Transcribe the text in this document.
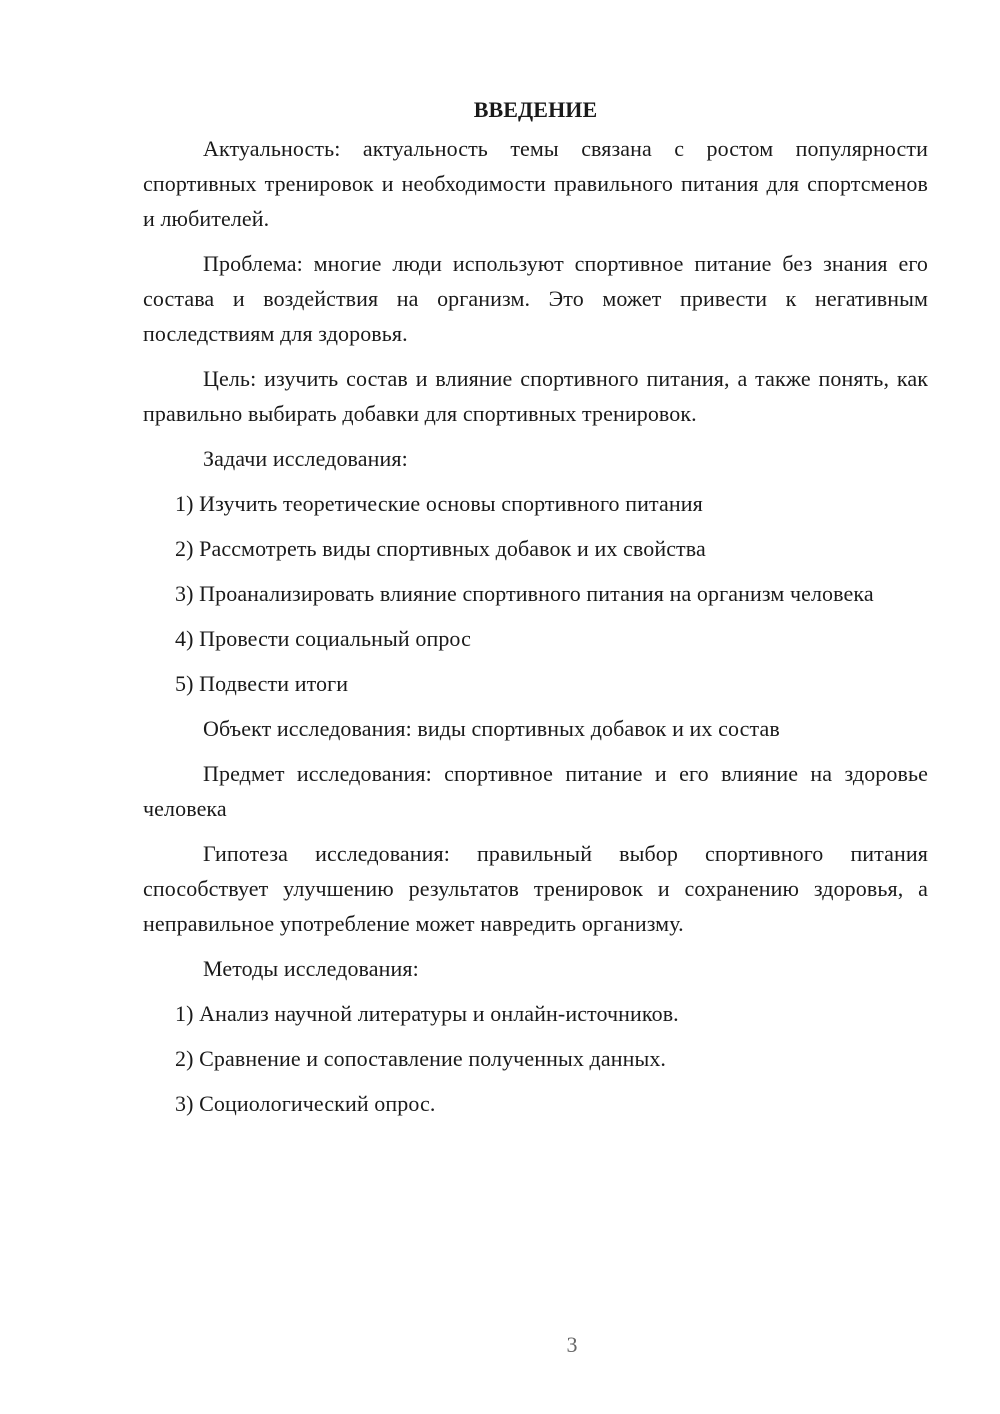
ВВЕДЕНИЕ

Актуальность: актуальность темы связана с ростом популярности спортивных тренировок и необходимости правильного питания для спортсменов и любителей.

Проблема: многие люди используют спортивное питание без знания его состава и воздействия на организм. Это может привести к негативным последствиям для здоровья.

Цель: изучить состав и влияние спортивного питания, а также понять, как правильно выбирать добавки для спортивных тренировок.

Задачи исследования:

1) Изучить теоретические основы спортивного питания

2) Рассмотреть виды спортивных добавок и их свойства

3) Проанализировать влияние спортивного питания на организм человека

4) Провести социальный опрос

5) Подвести итоги

Объект исследования: виды спортивных добавок и их состав

Предмет исследования: спортивное питание и его влияние на здоровье человека

Гипотеза исследования: правильный выбор спортивного питания способствует улучшению результатов тренировок и сохранению здоровья, а неправильное употребление может навредить организму.

Методы исследования:

1) Анализ научной литературы и онлайн-источников.

2) Сравнение и сопоставление полученных данных.

3) Социологический опрос.

3
